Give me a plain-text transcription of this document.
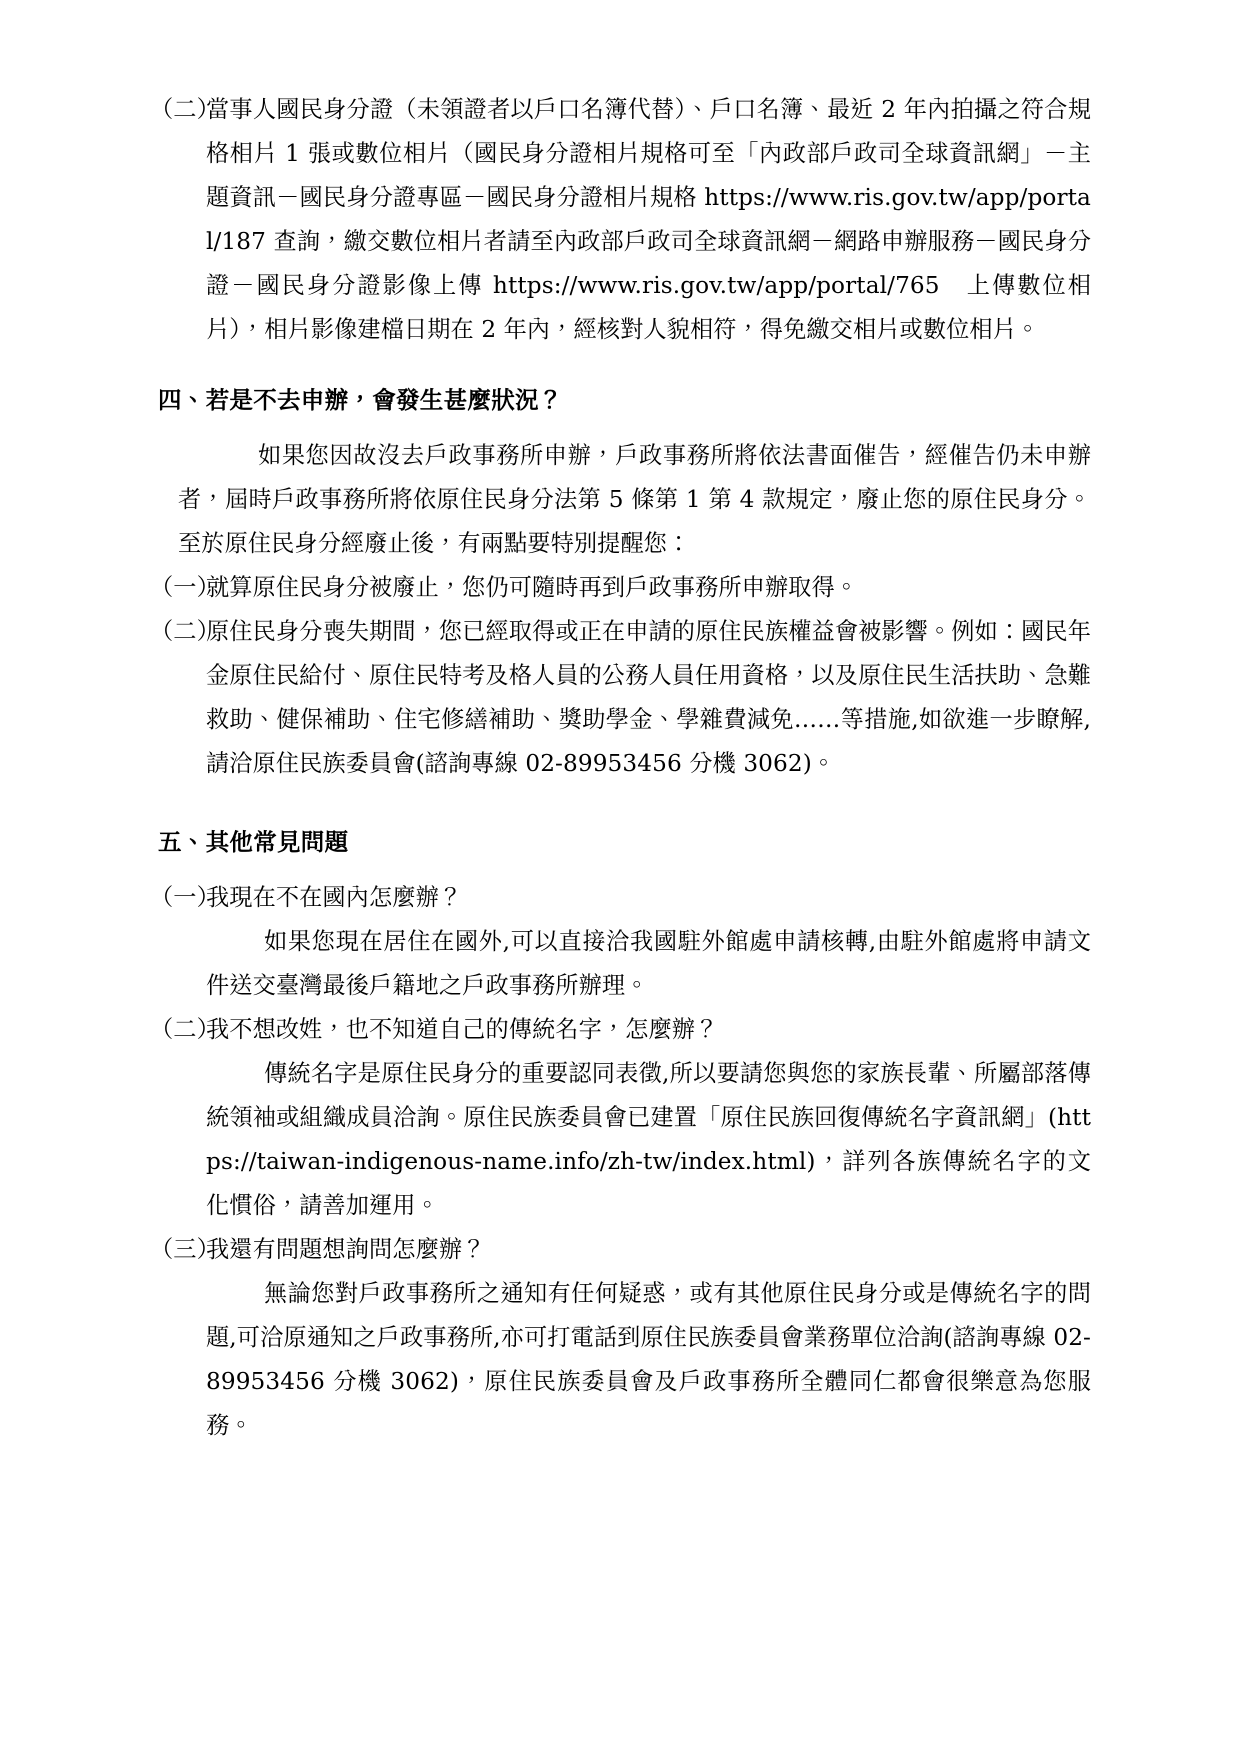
（二）
當事人國民身分證（未領證者以戶口名簿代替）、戶口名簿、最近 2 年內拍攝之符合規格相片 1 張或數位相片（國民身分證相片規格可至「內政部戶政司全球資訊網」－主題資訊－國民身分證專區－國民身分證相片規格 https://www.ris.gov.tw/app/portal/187 查詢，繳交數位相片者請至內政部戶政司全球資訊網－網路申辦服務－國民身分證－國民身分證影像上傳 https://www.ris.gov.tw/app/portal/765　上傳數位相片），相片影像建檔日期在 2 年內，經核對人貌相符，得免繳交相片或數位相片。
四、若是不去申辦，會發生甚麼狀況？
如果您因故沒去戶政事務所申辦，戶政事務所將依法書面催告，經催告仍未申辦者，屆時戶政事務所將依原住民身分法第 5 條第 1 第 4 款規定，廢止您的原住民身分。至於原住民身分經廢止後，有兩點要特別提醒您：
（一）
就算原住民身分被廢止，您仍可隨時再到戶政事務所申辦取得。
（二）
原住民身分喪失期間，您已經取得或正在申請的原住民族權益會被影響。例如：國民年金原住民給付、原住民特考及格人員的公務人員任用資格，以及原住民生活扶助、急難救助、健保補助、住宅修繕補助、獎助學金、學雜費減免……等措施,如欲進一步瞭解,請洽原住民族委員會(諮詢專線 02-89953456 分機 3062)。
五、其他常見問題
（一）
我現在不在國內怎麼辦？
如果您現在居住在國外,可以直接洽我國駐外館處申請核轉,由駐外館處將申請文件送交臺灣最後戶籍地之戶政事務所辦理。
（二）
我不想改姓，也不知道自己的傳統名字，怎麼辦？
傳統名字是原住民身分的重要認同表徵,所以要請您與您的家族長輩、所屬部落傳統領袖或組織成員洽詢。原住民族委員會已建置「原住民族回復傳統名字資訊網」(https://taiwan-indigenous-name.info/zh-tw/index.html)，詳列各族傳統名字的文化慣俗，請善加運用。
（三）
我還有問題想詢問怎麼辦？
無論您對戶政事務所之通知有任何疑惑，或有其他原住民身分或是傳統名字的問題,可洽原通知之戶政事務所,亦可打電話到原住民族委員會業務單位洽詢(諮詢專線 02-89953456 分機 3062)，原住民族委員會及戶政事務所全體同仁都會很樂意為您服務。
